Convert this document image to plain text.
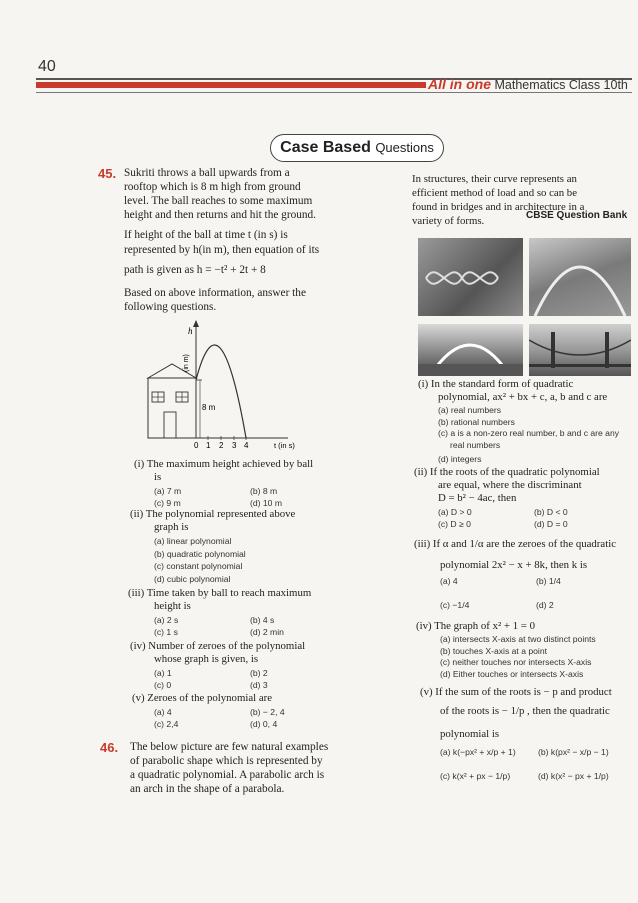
40
All in one Mathematics Class 10th
Case Based Questions
45. Sukriti throws a ball upwards from a
rooftop which is 8 m high from ground
level. The ball reaches to some maximum
height and then returns and hit the ground.
If height of the ball at time t (in s) is
represented by h(in m), then equation of its
path is given as h = −t² + 2t + 8
Based on above information, answer the
following questions.
h
(in m)
8 m
0 1 2 3 4	t (in s)
(i) The maximum height achieved by ball
is
(a) 7 m	(b) 8 m
(c) 9 m	(d) 10 m
(ii) The polynomial represented above
graph is
(a) linear polynomial
(b) quadratic polynomial
(c) constant polynomial
(d) cubic polynomial
(iii) Time taken by ball to reach maximum
height is
(a) 2 s	(b) 4 s
(c) 1 s	(d) 2 min
(iv) Number of zeroes of the polynomial
whose graph is given, is
(a) 1	(b) 2
(c) 0	(d) 3
(v) Zeroes of the polynomial are
(a) 4	(b) − 2, 4
(c) 2,4	(d) 0, 4
46. The below picture are few natural examples
of parabolic shape which is represented by
a quadratic polynomial. A parabolic arch is
an arch in the shape of a parabola.
In structures, their curve represents an
efficient method of load and so can be
found in bridges and in architecture in a
variety of forms.	CBSE Question Bank
(i) In the standard form of quadratic
polynomial, ax² + bx + c, a, b and c are
(a) real numbers
(b) rational numbers
(c) a is a non-zero real number, b and c are any
real numbers
(d) integers
(ii) If the roots of the quadratic polynomial
are equal, where the discriminant
D = b² − 4ac, then
(a) D > 0	(b) D < 0
(c) D ≥ 0	(d) D = 0
(iii) If α and 1/α are the zeroes of the quadratic
polynomial 2x² − x + 8k, then k is
(a) 4	(b) 1/4
(c) −1/4	(d) 2
(iv) The graph of x² + 1 = 0
(a) intersects X-axis at two distinct points
(b) touches X-axis at a point
(c) neither touches nor intersects X-axis
(d) Either touches or intersects X-axis
(v) If the sum of the roots is − p and product
of the roots is − 1/p , then the quadratic
polynomial is
(a) k(−px² + x/p + 1)	(b) k(px² − x/p − 1)
(c) k(x² + px − 1/p)	(d) k(x² − px + 1/p)
